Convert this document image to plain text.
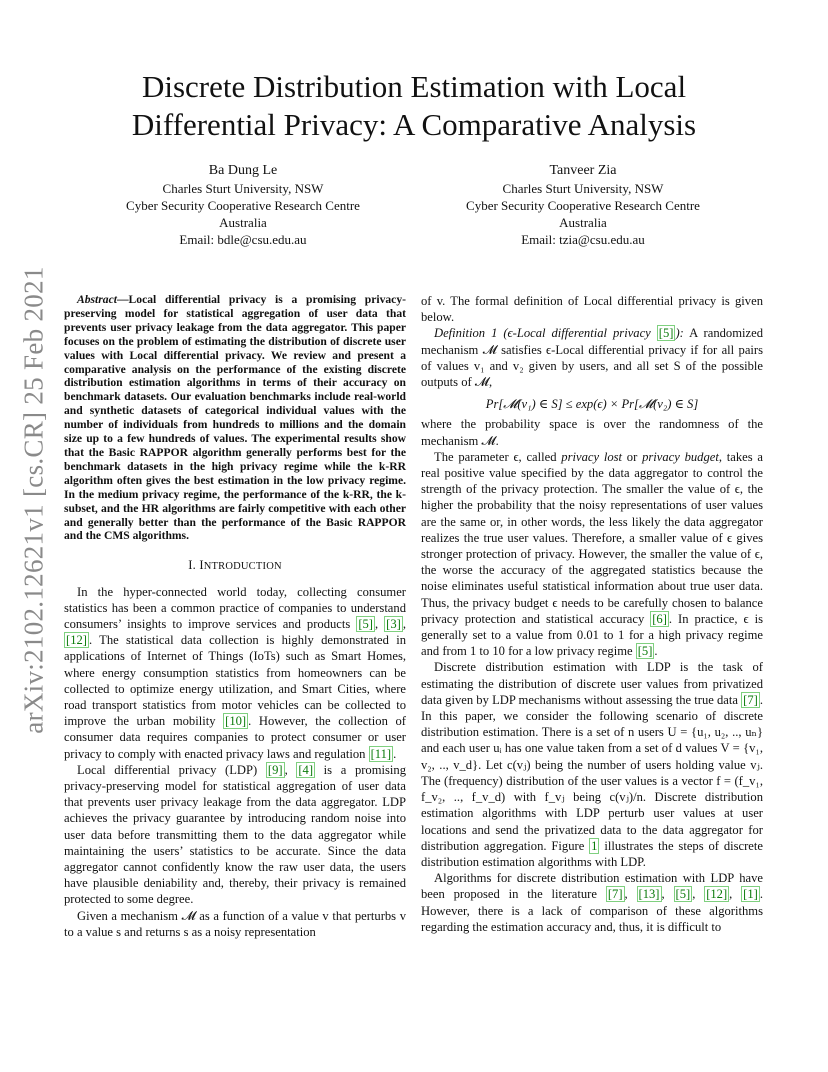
arXiv:2102.12621v1 [cs.CR] 25 Feb 2021
Discrete Distribution Estimation with Local
Differential Privacy: A Comparative Analysis
Ba Dung Le
Charles Sturt University, NSW
Cyber Security Cooperative Research Centre
Australia
Email: bdle@csu.edu.au
Tanveer Zia
Charles Sturt University, NSW
Cyber Security Cooperative Research Centre
Australia
Email: tzia@csu.edu.au

Abstract—Local differential privacy is a promising privacy-preserving model for statistical aggregation of user data that prevents user privacy leakage from the data aggregator. This paper focuses on the problem of estimating the distribution of discrete user values with Local differential privacy. We review and present a comparative analysis on the performance of the existing discrete distribution estimation algorithms in terms of their accuracy on benchmark datasets. Our evaluation benchmarks include real-world and synthetic datasets of categorical individual values with the number of individuals from hundreds to millions and the domain size up to a few hundreds of values. The experimental results show that the Basic RAPPOR algorithm generally performs best for the benchmark datasets in the high privacy regime while the k-RR algorithm often gives the best estimation in the low privacy regime. In the medium privacy regime, the performance of the k-RR, the k-subset, and the HR algorithms are fairly competitive with each other and generally better than the performance of the Basic RAPPOR and the CMS algorithms.

I. INTRODUCTION

In the hyper-connected world today, collecting consumer statistics has been a common practice of companies to understand consumers’ insights to improve services and products [5] , [3] , [12] . The statistical data collection is highly demonstrated in applications of Internet of Things (IoTs) such as Smart Homes, where energy consumption statistics from homeowners can be collected to optimize energy utilization, and Smart Cities, where road transport statistics from motor vehicles can be collected to improve the urban mobility [10] . However, the collection of consumer data requires companies to protect consumer or user privacy to comply with enacted privacy laws and regulation [11] .

Local differential privacy (LDP) [9] , [4] is a promising privacy-preserving model for statistical aggregation of user data that prevents user privacy leakage from the data aggregator. LDP achieves the privacy guarantee by introducing random noise into user data before transmitting them to the data aggregator while maintaining the users’ statistics to be accurate. Since the data aggregator cannot confidently know the raw user data, the users have plausible deniability and, thereby, their privacy is remained protected to some degree.

Given a mechanism 𝓜 as a function of a value v that perturbs v to a value s and returns s as a noisy representation

of v. The formal definition of Local differential privacy is given below.

Definition 1 (ϵ-Local differential privacy [5] ): A randomized mechanism 𝓜 satisfies ϵ-Local differential privacy if for all pairs of values v₁ and v₂ given by users, and all set S of the possible outputs of 𝓜,

Pr[𝓜(v₁) ∈ S] ≤ exp(ϵ) × Pr[𝓜(v₂) ∈ S]

where the probability space is over the randomness of the mechanism 𝓜.

The parameter ϵ, called privacy lost or privacy budget, takes a real positive value specified by the data aggregator to control the strength of the privacy protection. The smaller the value of ϵ, the higher the probability that the noisy representations of user values are the same or, in other words, the less likely the data aggregator realizes the true user values. Therefore, a smaller value of ϵ gives stronger protection of privacy. However, the smaller the value of ϵ, the worse the accuracy of the aggregated statistics because the noise eliminates useful statistical information about true user data. Thus, the privacy budget ϵ needs to be carefully chosen to balance privacy protection and statistical accuracy [6] . In practice, ϵ is generally set to a value from 0.01 to 1 for a high privacy regime and from 1 to 10 for a low privacy regime [5] .

Discrete distribution estimation with LDP is the task of estimating the distribution of discrete user values from privatized data given by LDP mechanisms without assessing the true data [7] . In this paper, we consider the following scenario of discrete distribution estimation. There is a set of n users U = {u₁, u₂, .., uₙ} and each user uᵢ has one value taken from a set of d values V = {v₁, v₂, .., v_d}. Let c(vⱼ) being the number of users holding value vⱼ. The (frequency) distribution of the user values is a vector f = (f_v₁, f_v₂, .., f_v_d) with f_vⱼ being c(vⱼ)/n. Discrete distribution estimation algorithms with LDP perturb user values at user locations and send the privatized data to the data aggregator for distribution aggregation. Figure 1 illustrates the steps of discrete distribution estimation algorithms with LDP.

Algorithms for discrete distribution estimation with LDP have been proposed in the literature [7] , [13] , [5] , [12] , [1] . However, there is a lack of comparison of these algorithms regarding the estimation accuracy and, thus, it is difficult to
